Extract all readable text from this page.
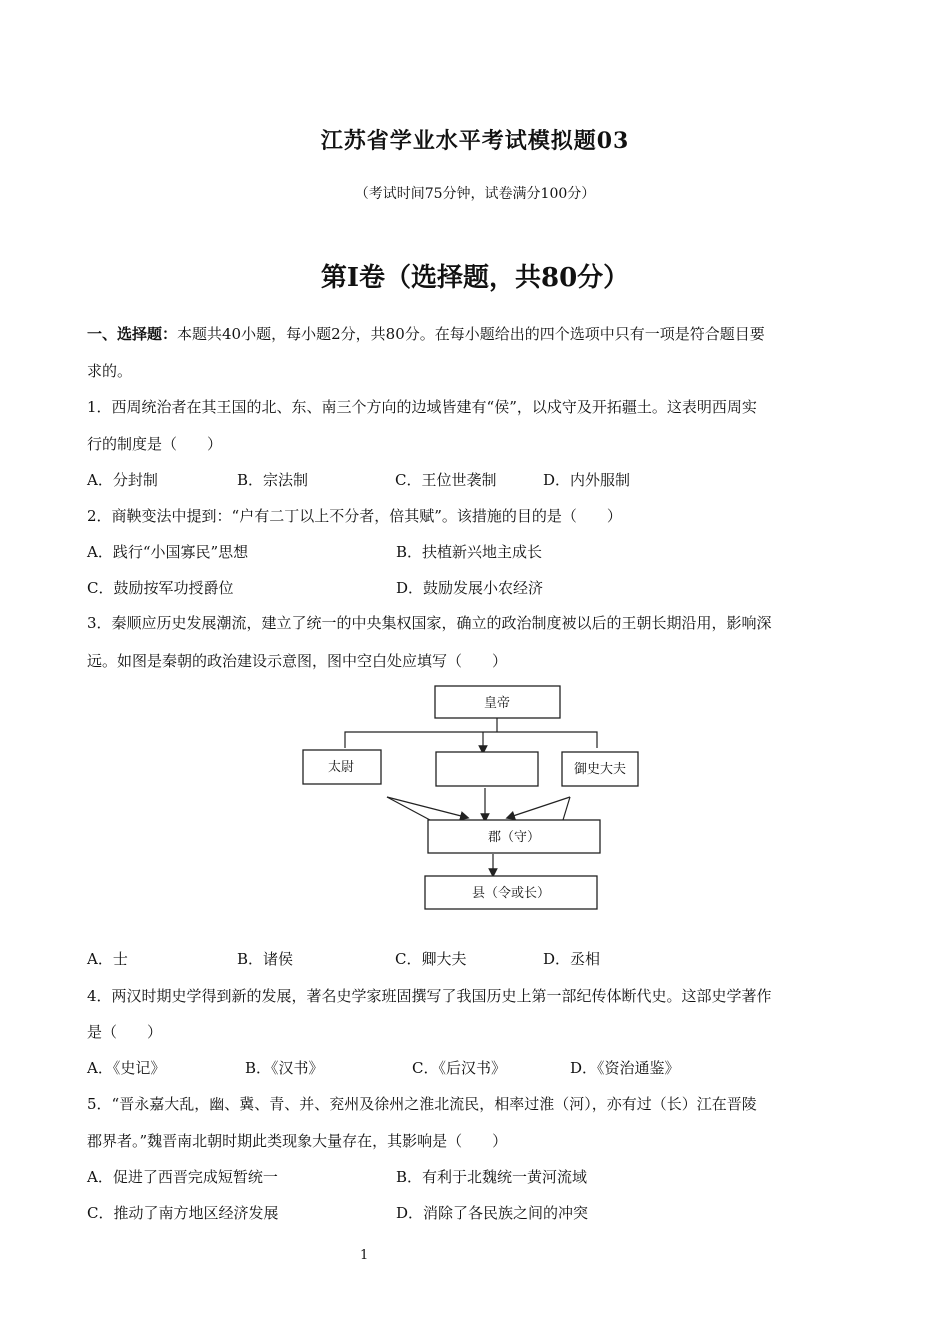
江苏省学业水平考试模拟题03
（考试时间75分钟，试卷满分100分）
第Ⅰ卷（选择题，共80分）
一、选择题：本题共40小题，每小题2分，共80分。在每小题给出的四个选项中只有一项是符合题目要
求的。
1．西周统治者在其王国的北、东、南三个方向的边域皆建有“侯”，以戍守及开拓疆土。这表明西周实
行的制度是（　　）
A．分封制	B．宗法制	C．王位世袭制	D．内外服制
2．商鞅变法中提到：“户有二丁以上不分者，倍其赋”。该措施的目的是（　　）
A．践行“小国寡民”思想	B．扶植新兴地主成长
C．鼓励按军功授爵位	D．鼓励发展小农经济
3．秦顺应历史发展潮流，建立了统一的中央集权国家，确立的政治制度被以后的王朝长期沿用，影响深
远。如图是秦朝的政治建设示意图，图中空白处应填写（　　）
皇帝
太尉	御史大夫
郡（守）
县（令或长）
A．士	B．诸侯	C．卿大夫	D．丞相
4．两汉时期史学得到新的发展，著名史学家班固撰写了我国历史上第一部纪传体断代史。这部史学著作
是（　　）
A．《史记》	B．《汉书》	C．《后汉书》	D．《资治通鉴》
5．“晋永嘉大乱，幽、冀、青、并、兖州及徐州之淮北流民，相率过淮（河），亦有过（长）江在晋陵
郡界者。”魏晋南北朝时期此类现象大量存在，其影响是（　　）
A．促进了西晋完成短暂统一	B．有利于北魏统一黄河流域
C．推动了南方地区经济发展	D．消除了各民族之间的冲突
1
